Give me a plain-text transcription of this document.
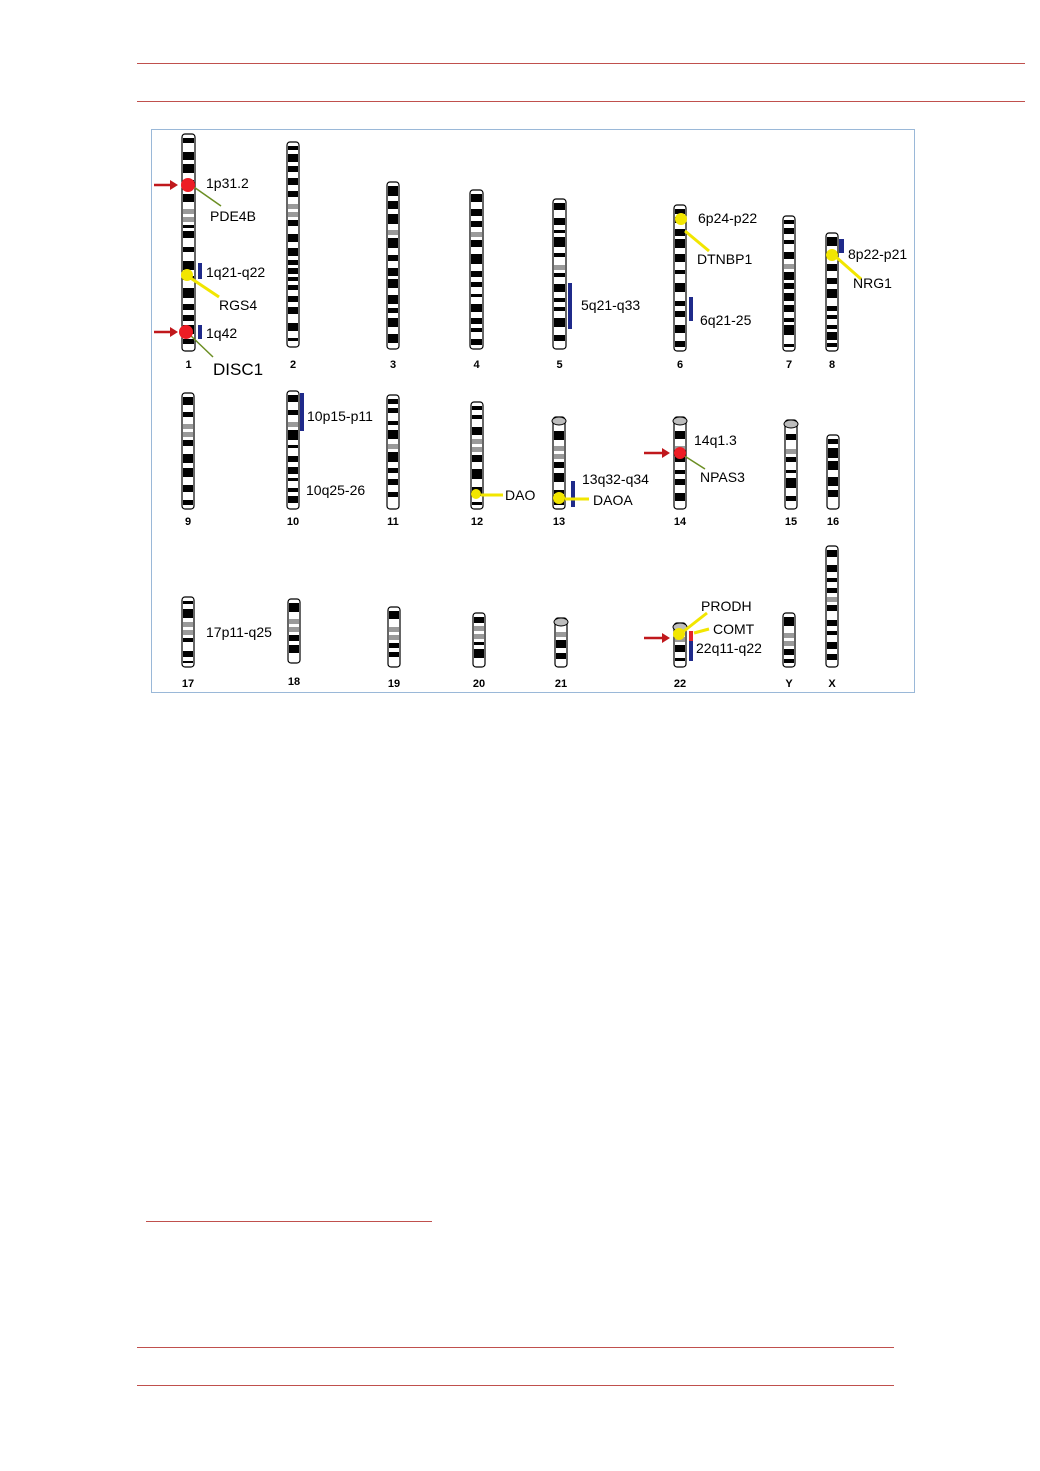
1	2	3	4	5	6	7	8
9	10	11	12	13	14	15	16
17	18	19	20	21	22	Y	X
1p31.2
PDE4B
1q21-q22
RGS4
1q42
DISC1
5q21-q33
6p24-p22
DTNBP1
6q21-25
8p22-p21
NRG1
10p15-p11
10q25-26	DAO
13q32-q34
DAOA
14q1.3
NPAS3
17p11-q25
PRODH
COMT
22q11-q22
